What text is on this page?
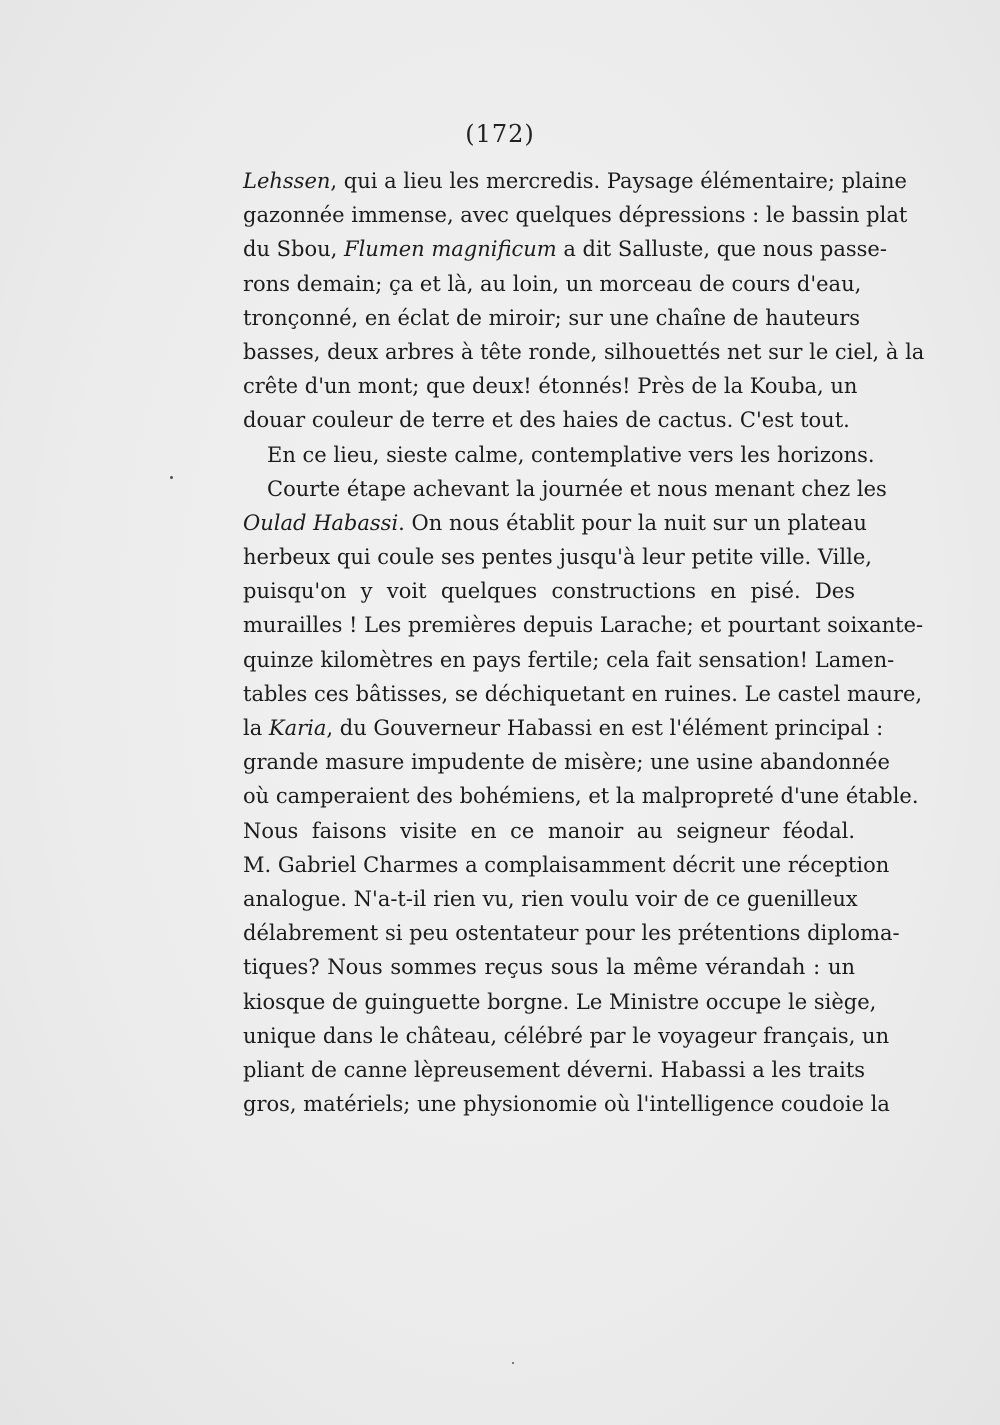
(172)
Lehssen, qui a lieu les mercredis. Paysage élémentaire; plaine
gazonnée immense, avec quelques dépressions : le bassin plat
du Sbou, Flumen magnificum a dit Salluste, que nous passe-
rons demain; ça et là, au loin, un morceau de cours d'eau,
tronçonné, en éclat de miroir; sur une chaîne de hauteurs
basses, deux arbres à tête ronde, silhouettés net sur le ciel, à la
crête d'un mont; que deux! étonnés! Près de la Kouba, un
douar couleur de terre et des haies de cactus. C'est tout.
En ce lieu, sieste calme, contemplative vers les horizons.
Courte étape achevant la journée et nous menant chez les
Oulad Habassi. On nous établit pour la nuit sur un plateau
herbeux qui coule ses pentes jusqu'à leur petite ville. Ville,
puisqu'on y voit quelques constructions en pisé. Des
murailles ! Les premières depuis Larache; et pourtant soixante-
quinze kilomètres en pays fertile; cela fait sensation! Lamen-
tables ces bâtisses, se déchiquetant en ruines. Le castel maure,
la Karia, du Gouverneur Habassi en est l'élément principal :
grande masure impudente de misère; une usine abandonnée
où camperaient des bohémiens, et la malpropreté d'une étable.
Nous faisons visite en ce manoir au seigneur féodal.
M. Gabriel Charmes a complaisamment décrit une réception
analogue. N'a-t-il rien vu, rien voulu voir de ce guenilleux
délabrement si peu ostentateur pour les prétentions diploma-
tiques? Nous sommes reçus sous la même vérandah : un
kiosque de guinguette borgne. Le Ministre occupe le siège,
unique dans le château, célébré par le voyageur français, un
pliant de canne lèpreusement déverni. Habassi a les traits
gros, matériels; une physionomie où l'intelligence coudoie la
